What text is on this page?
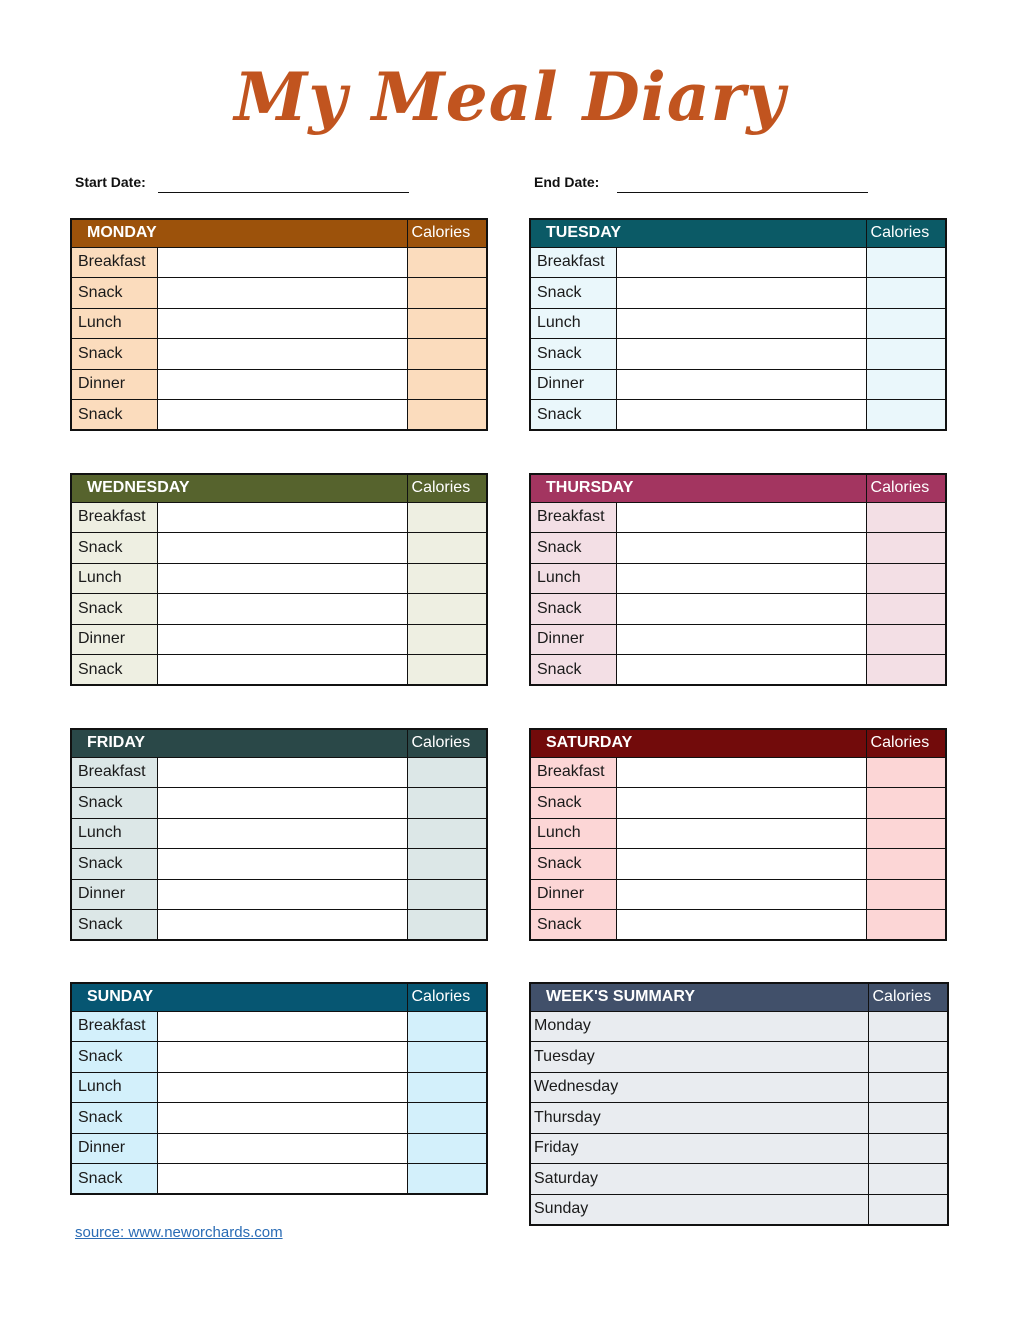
My Meal Diary
Start Date:	End Date:
MONDAY		Calories
Breakfast		
Snack		
Lunch		
Snack		
Dinner		
Snack		
TUESDAY		Calories
Breakfast		
Snack		
Lunch		
Snack		
Dinner		
Snack		
WEDNESDAY		Calories
Breakfast		
Snack		
Lunch		
Snack		
Dinner		
Snack		
THURSDAY		Calories
Breakfast		
Snack		
Lunch		
Snack		
Dinner		
Snack		
FRIDAY		Calories
Breakfast		
Snack		
Lunch		
Snack		
Dinner		
Snack		
SATURDAY		Calories
Breakfast		
Snack		
Lunch		
Snack		
Dinner		
Snack		
SUNDAY		Calories
Breakfast		
Snack		
Lunch		
Snack		
Dinner		
Snack		
WEEK'S SUMMARY	Calories
Monday	
Tuesday	
Wednesday	
Thursday	
Friday	
Saturday	
Sunday	
source: www.neworchards.com
